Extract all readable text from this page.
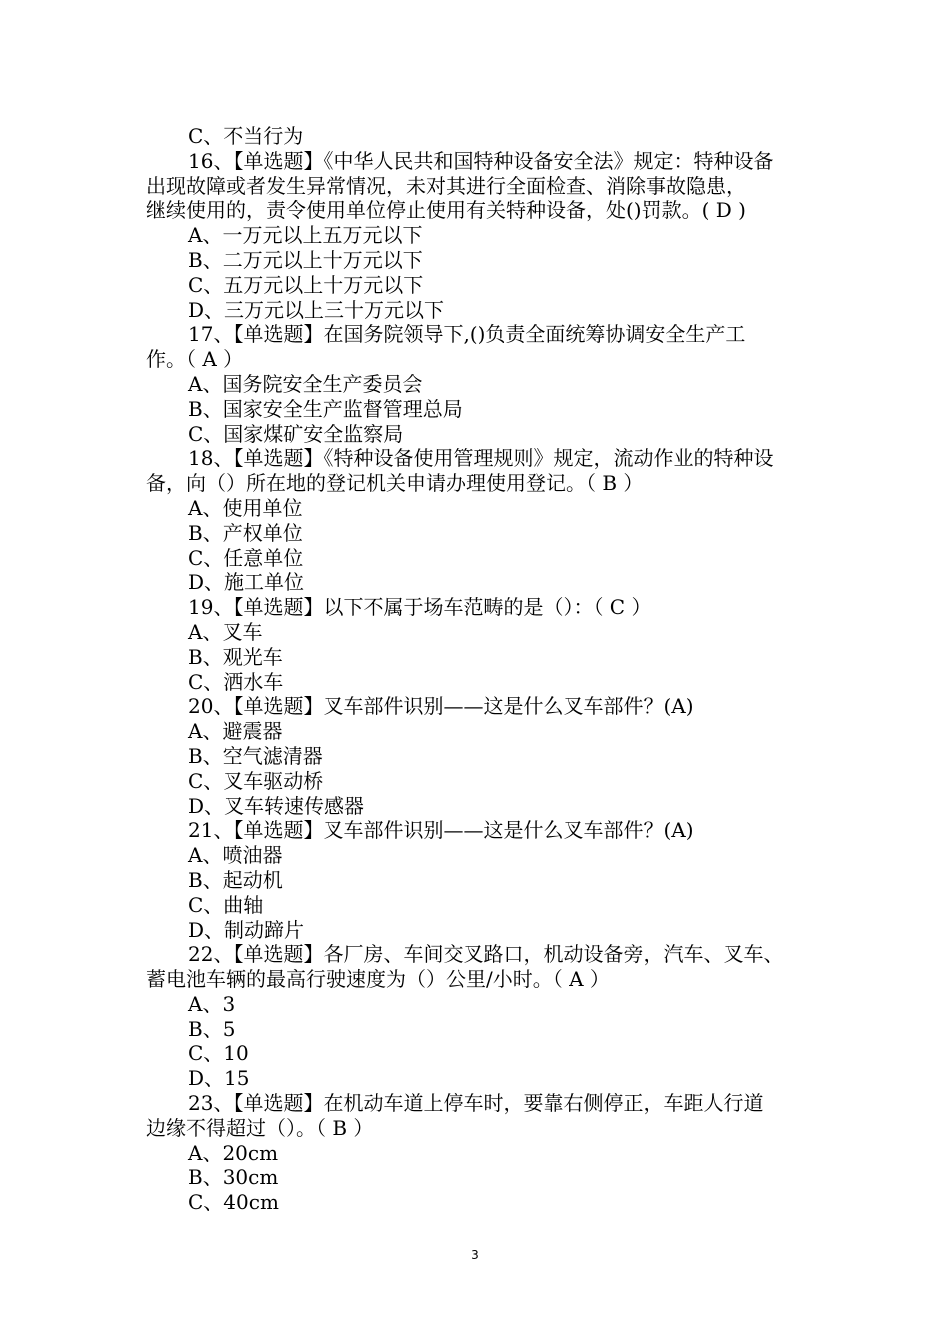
C、不当行为
16、【单选题】《中华人民共和国特种设备安全法》规定：特种设备
出现故障或者发生异常情况，未对其进行全面检查、消除事故隐患，
继续使用的，责令使用单位停止使用有关特种设备，处()罚款。( D )
A、一万元以上五万元以下
B、二万元以上十万元以下
C、五万元以上十万元以下
D、三万元以上三十万元以下
17、【单选题】在国务院领导下,()负责全面统筹协调安全生产工
作。（ A ）
A、国务院安全生产委员会
B、国家安全生产监督管理总局
C、国家煤矿安全监察局
18、【单选题】《特种设备使用管理规则》规定，流动作业的特种设
备，向（）所在地的登记机关申请办理使用登记。（ B ）
A、使用单位
B、产权单位
C、任意单位
D、施工单位
19、【单选题】以下不属于场车范畴的是（）：（ C ）
A、叉车
B、观光车
C、洒水车
20、【单选题】叉车部件识别——这是什么叉车部件？(A)
A、避震器
B、空气滤清器
C、叉车驱动桥
D、叉车转速传感器
21、【单选题】叉车部件识别——这是什么叉车部件？(A)
A、喷油器
B、起动机
C、曲轴
D、制动蹄片
22、【单选题】各厂房、车间交叉路口，机动设备旁，汽车、叉车、
蓄电池车辆的最高行驶速度为（）公里/小时。（ A ）
A、3
B、5
C、10
D、15
23、【单选题】在机动车道上停车时，要靠右侧停正，车距人行道
边缘不得超过（）。（ B ）
A、20cm
B、30cm
C、40cm
3
